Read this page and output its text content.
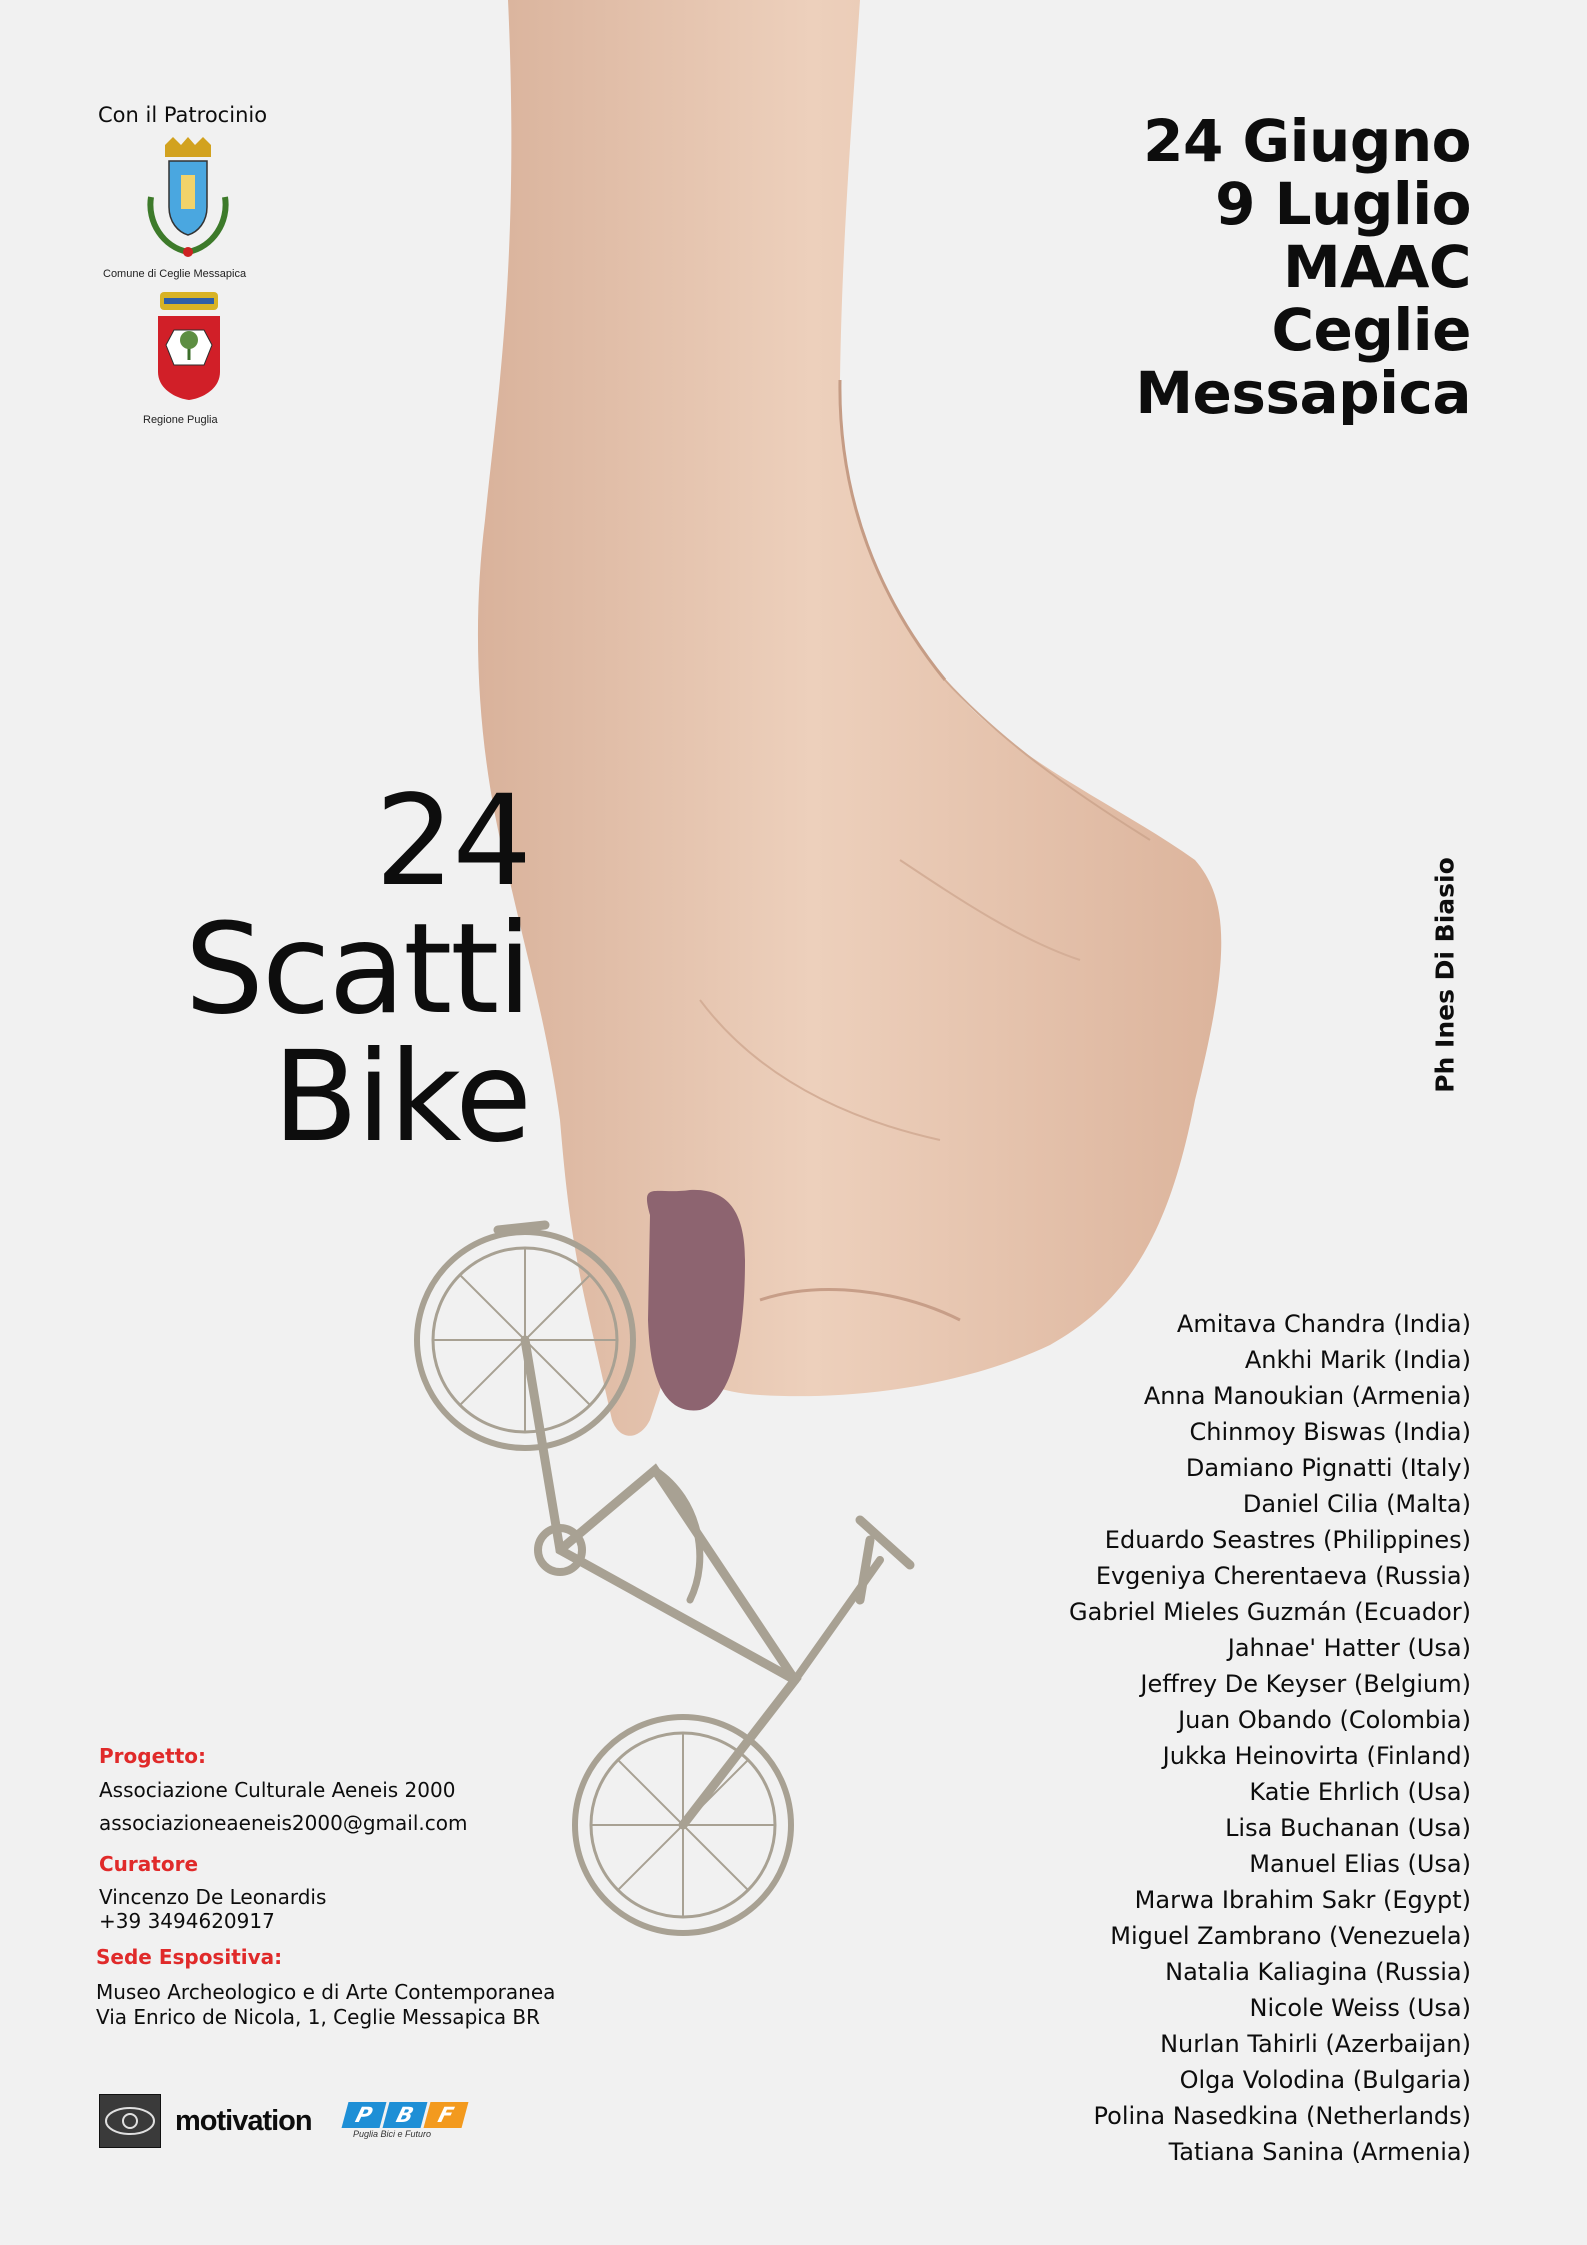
Con il Patrocinio
Comune di Ceglie Messapica
Regione Puglia
24 Giugno
9 Luglio
MAAC
Ceglie
Messapica
24
Scatti
Bike
Ph Ines Di Biasio
Amitava Chandra (India)
Ankhi Marik (India)
Anna Manoukian (Armenia)
Chinmoy Biswas (India)
Damiano Pignatti (Italy)
Daniel Cilia (Malta)
Eduardo Seastres (Philippines)
Evgeniya Cherentaeva (Russia)
Gabriel Mieles Guzmán (Ecuador)
Jahnae' Hatter (Usa)
Jeffrey De Keyser (Belgium)
Juan Obando (Colombia)
Jukka Heinovirta (Finland)
Katie Ehrlich (Usa)
Lisa Buchanan (Usa)
Manuel Elias (Usa)
Marwa Ibrahim Sakr (Egypt)
Miguel Zambrano (Venezuela)
Natalia Kaliagina (Russia)
Nicole Weiss (Usa)
Nurlan Tahirli (Azerbaijan)
Olga Volodina (Bulgaria)
Polina Nasedkina (Netherlands)
Tatiana Sanina (Armenia)
Progetto:
Associazione Culturale Aeneis 2000
associazioneaeneis2000@gmail.com
Curatore
Vincenzo De Leonardis
+39 3494620917
Sede Espositiva:
Museo Archeologico e di Arte Contemporanea
Via Enrico de Nicola, 1, Ceglie Messapica BR
motivation	P B F
Puglia Bici e Futuro
